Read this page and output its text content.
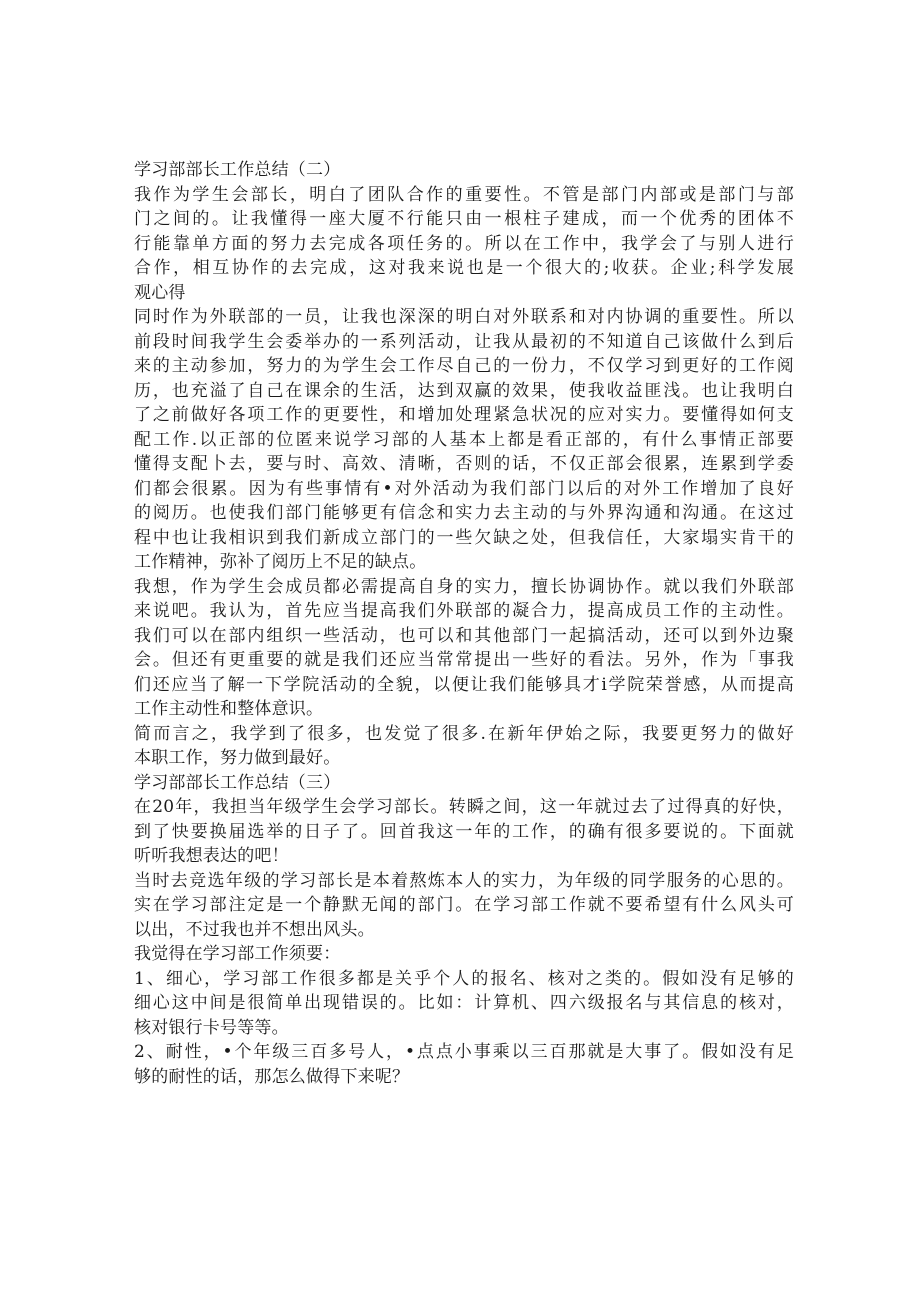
学习部部长工作总结（二）
我作为学生会部长，明白了团队合作的重要性。不管是部门内部或是部门与部
门之间的。让我懂得一座大厦不行能只由一根柱子建成，而一个优秀的团体不
行能靠单方面的努力去完成各项任务的。所以在工作中，我学会了与别人进行
合作，相互协作的去完成，这对我来说也是一个很大的;收获。企业;科学发展
观心得
同时作为外联部的一员，让我也深深的明白对外联系和对内协调的重要性。所以
前段时间我学生会委举办的一系列活动，让我从最初的不知道自己该做什么到后
来的主动参加，努力的为学生会工作尽自己的一份力，不仅学习到更好的工作阅
历，也充溢了自己在课余的生活，达到双赢的效果，使我收益匪浅。也让我明白
了之前做好各项工作的更要性，和增加处理紧急状况的应对实力。要懂得如何支
配工作.以正部的位匿来说学习部的人基本上都是看正部的，有什么事情正部要
懂得支配卜去，要与时、高效、清晰，否则的话，不仅正部会很累，连累到学委
们都会很累。因为有些事情有•对外活动为我们部门以后的对外工作增加了良好
的阅历。也使我们部门能够更有信念和实力去主动的与外界沟通和沟通。在这过
程中也让我相识到我们新成立部门的一些欠缺之处，但我信任，大家塌实肯干的
工作精神，弥补了阅历上不足的缺点。
我想，作为学生会成员都必需提高自身的实力，擅长协调协作。就以我们外联部
来说吧。我认为，首先应当提高我们外联部的凝合力，提高成员工作的主动性。
我们可以在部内组织一些活动，也可以和其他部门一起搞活动，还可以到外边聚
会。但还有更重要的就是我们还应当常常提出一些好的看法。另外，作为「事我
们还应当了解一下学院活动的全貌，以便让我们能够具才i学院荣誉感，从而提高
工作主动性和整体意识。
简而言之，我学到了很多，也发觉了很多.在新年伊始之际，我要更努力的做好
本职工作，努力做到最好。
学习部部长工作总结（三）
在20年，我担当年级学生会学习部长。转瞬之间，这一年就过去了过得真的好快，
到了快要换届选举的日子了。回首我这一年的工作，的确有很多要说的。下面就
听听我想表达的吧！
当时去竞选年级的学习部长是本着熬炼本人的实力，为年级的同学服务的心思的。
实在学习部注定是一个静默无闻的部门。在学习部工作就不要希望有什么风头可
以出，不过我也并不想出风头。
我觉得在学习部工作须要：
1、细心，学习部工作很多都是关乎个人的报名、核对之类的。假如没有足够的
细心这中间是很简单出现错误的。比如：计算机、四六级报名与其信息的核对，
核对银行卡号等等。
2、耐性，•个年级三百多号人，•点点小事乘以三百那就是大事了。假如没有足
够的耐性的话，那怎么做得下来呢？
